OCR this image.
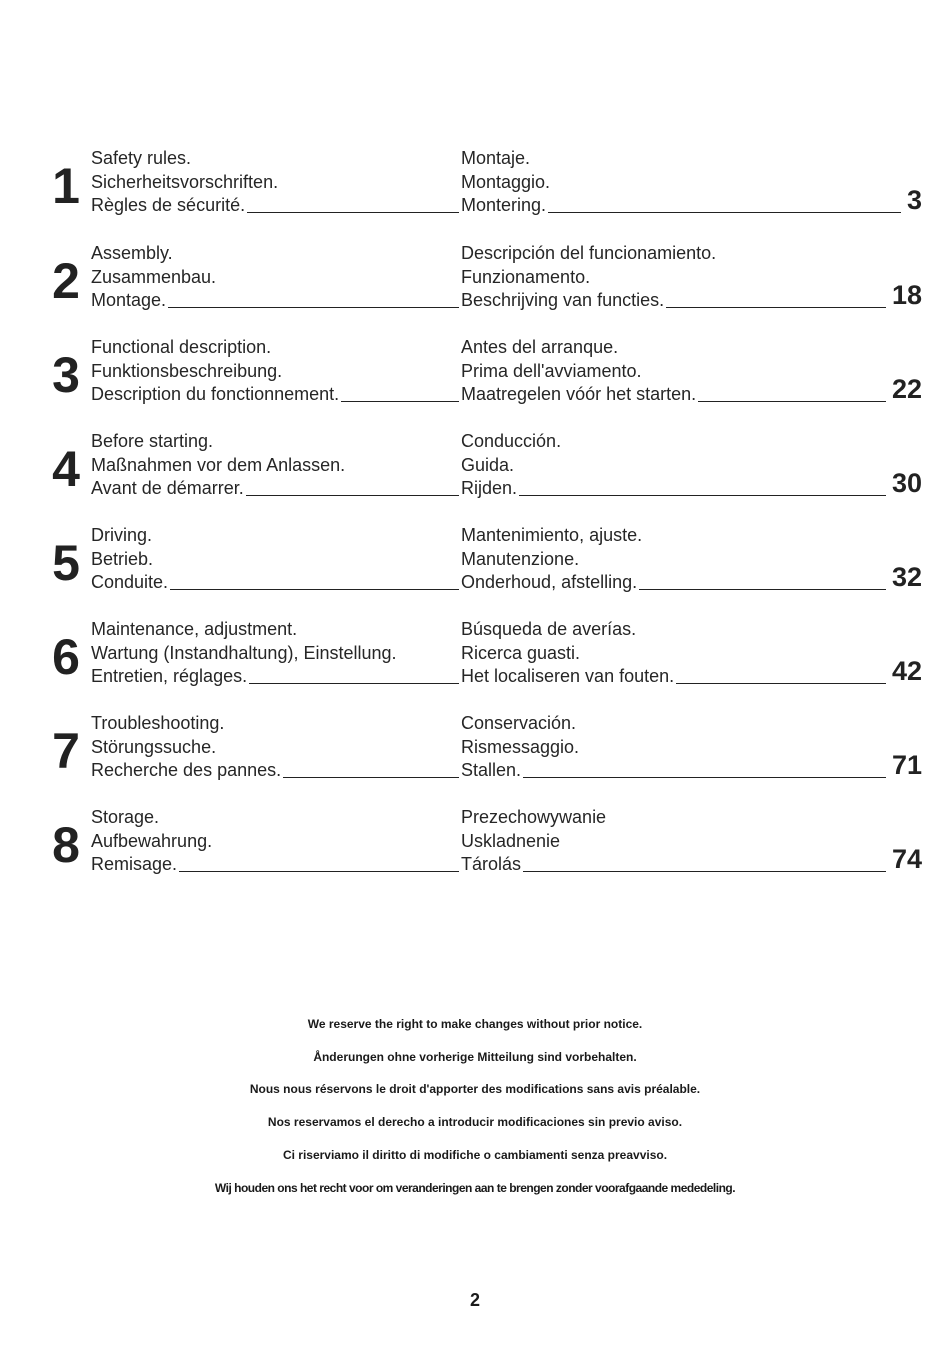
1 Safety rules.	Montaje.
Sicherheitsvorschriften.	Montaggio.
Règles de sécurité.	Montering.	3
2 Assembly.	Descripción del funcionamiento.
Zusammenbau.	Funzionamento.
Montage.	Beschrijving van functies.	18
3 Functional description.	Antes del arranque.
Funktionsbeschreibung.	Prima dell'avviamento.
Description du fonctionnement.	Maatregelen vóór het starten.	22
4 Before starting.	Conducción.
Maßnahmen vor dem Anlassen.	Guida.
Avant de démarrer.	Rijden.	30
5 Driving.	Mantenimiento, ajuste.
Betrieb.	Manutenzione.
Conduite.	Onderhoud, afstelling.	32
6 Maintenance, adjustment.	Búsqueda de averías.
Wartung (Instandhaltung), Einstellung.	Ricerca guasti.
Entretien, réglages.	Het localiseren van fouten.	42
7 Troubleshooting.	Conservación.
Störungssuche.	Rismessaggio.
Recherche des pannes.	Stallen.	71
8 Storage.	Prezechowywanie
Aufbewahrung.	Uskladnenie
Remisage.	Tárolás	74
We reserve the right to make changes without prior notice.
Ånderungen ohne vorherige Mitteilung sind vorbehalten.
Nous nous réservons le droit d'apporter des modifications sans avis préalable.
Nos reservamos el derecho a introducir modificaciones sin previo aviso.
Ci riserviamo il diritto di modifiche o cambiamenti senza preavviso.
Wij houden ons het recht voor om veranderingen aan te brengen zonder voorafgaande mededeling.
2
